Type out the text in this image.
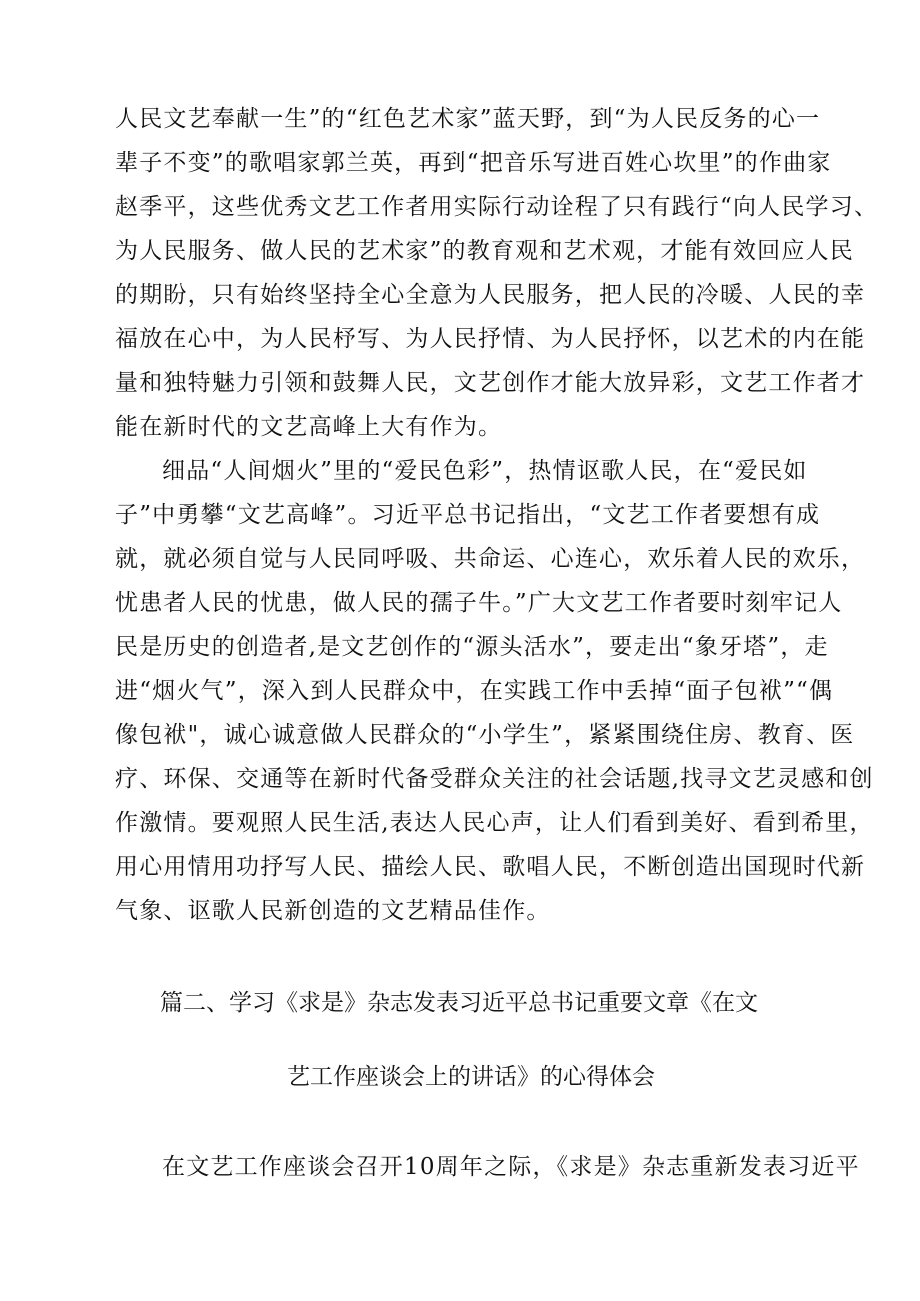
人民文艺奉献一生”的“红色艺术家”蓝天野，到“为人民反务的心一
辈子不变”的歌唱家郭兰英，再到“把音乐写进百姓心坎里”的作曲家
赵季平，这些优秀文艺工作者用实际行动诠程了只有践行“向人民学习、
为人民服务、做人民的艺术家”的教育观和艺术观，才能有效回应人民
的期盼，只有始终坚持全心全意为人民服务，把人民的冷暖、人民的幸
福放在心中，为人民杼写、为人民抒情、为人民抒怀，以艺术的内在能
量和独特魅力引领和鼓舞人民，文艺创作才能大放异彩，文艺工作者才
能在新时代的文艺高峰上大有作为。
细品“人间烟火”里的“爱民色彩”，热情讴歌人民，在“爱民如
子”中勇攀“文艺高峰”。习近平总书记指出，“文艺工作者要想有成
就，就必须自觉与人民同呼吸、共命运、心连心，欢乐着人民的欢乐，
忧患者人民的忧患，做人民的孺子牛。”广大文艺工作者要时刻牢记人
民是历史的创造者,是文艺创作的“源头活水”，要走出“象牙塔”，走
进“烟火气”，深入到人民群众中，在实践工作中丢掉“面子包袱”“偶
像包袱"，诚心诚意做人民群众的“小学生”，紧紧围绕住房、教育、医
疗、环保、交通等在新时代备受群众关注的社会话题,找寻文艺灵感和创
作激情。要观照人民生活,表达人民心声，让人们看到美好、看到希里，
用心用情用功抒写人民、描绘人民、歌唱人民，不断创造出国现时代新
气象、讴歌人民新创造的文艺精品佳作。
篇二、学习《求是》杂志发表习近平总书记重要文章《在文
艺工作座谈会上的讲话》的心得体会
在文艺工作座谈会召开10周年之际，《求是》杂志重新发表习近平
